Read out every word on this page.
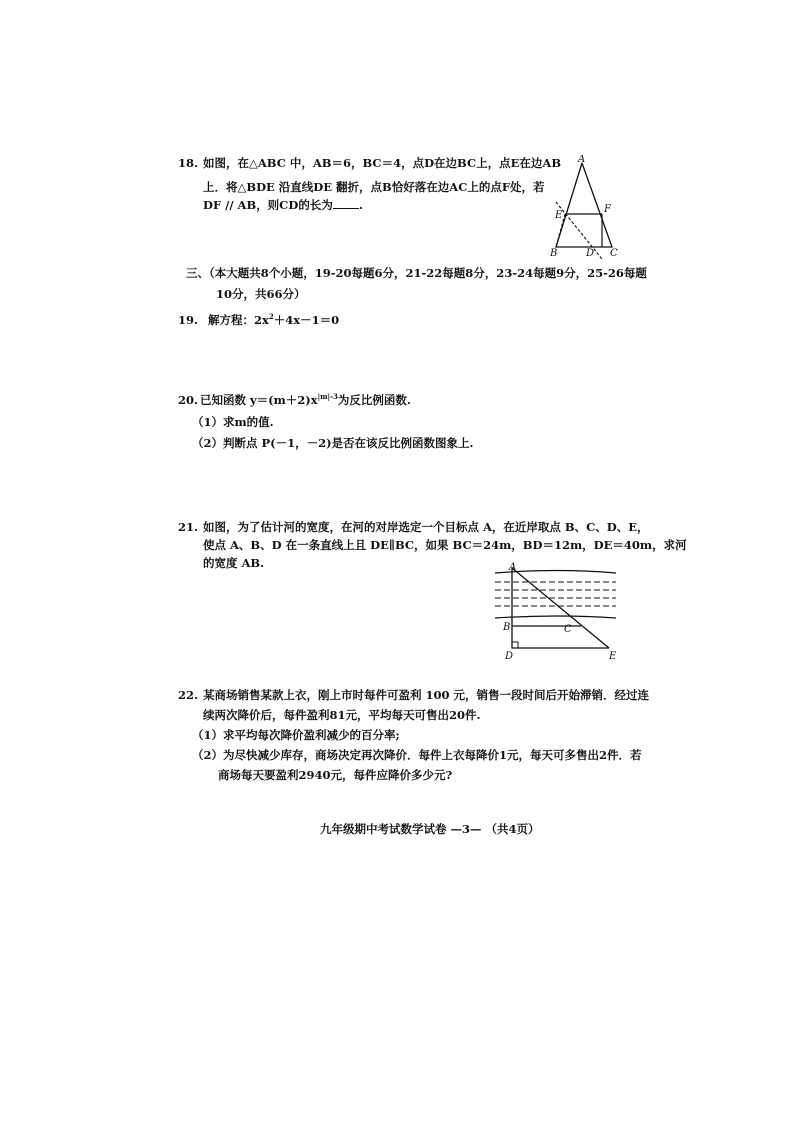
18. 如图，在△ABC 中，AB＝6，BC＝4，点D在边BC上，点E在边AB
上．将△BDE 沿直线DE 翻折，点B恰好落在边AC上的点F处，若
DF // AB，则CD的长为 .
A
E
F
B	D C
三、（本大题共8个小题，19-20每题6分，21-22每题8分，23-24每题9分，25-26每题
10分，共66分）
19. 解方程：$2x^2+4x-1=0$
20. 已知函数 $y=(m+2)x^{|m|-3}$为反比例函数.
（1）求m的值.
（2）判断点 P(－1，－2)是否在该反比例函数图象上.
21. 如图，为了估计河的宽度，在河的对岸选定一个目标点 A，在近岸取点 B、C、D、E，
使点 A、B、D 在一条直线上且 DE∥BC，如果 BC＝24m，BD＝12m，DE＝40m，求河
的宽度 AB.	A
B	C
D	E
22. 某商场销售某款上衣，刚上市时每件可盈利 100 元，销售一段时间后开始滞销．经过连
续两次降价后，每件盈利81元，平均每天可售出20件.
（1）求平均每次降价盈利减少的百分率;
（2）为尽快减少库存，商场决定再次降价．每件上衣每降价1元，每天可多售出2件．若
商场每天要盈利2940元，每件应降价多少元?
九年级期中考试数学试卷 —3— （共4页）
